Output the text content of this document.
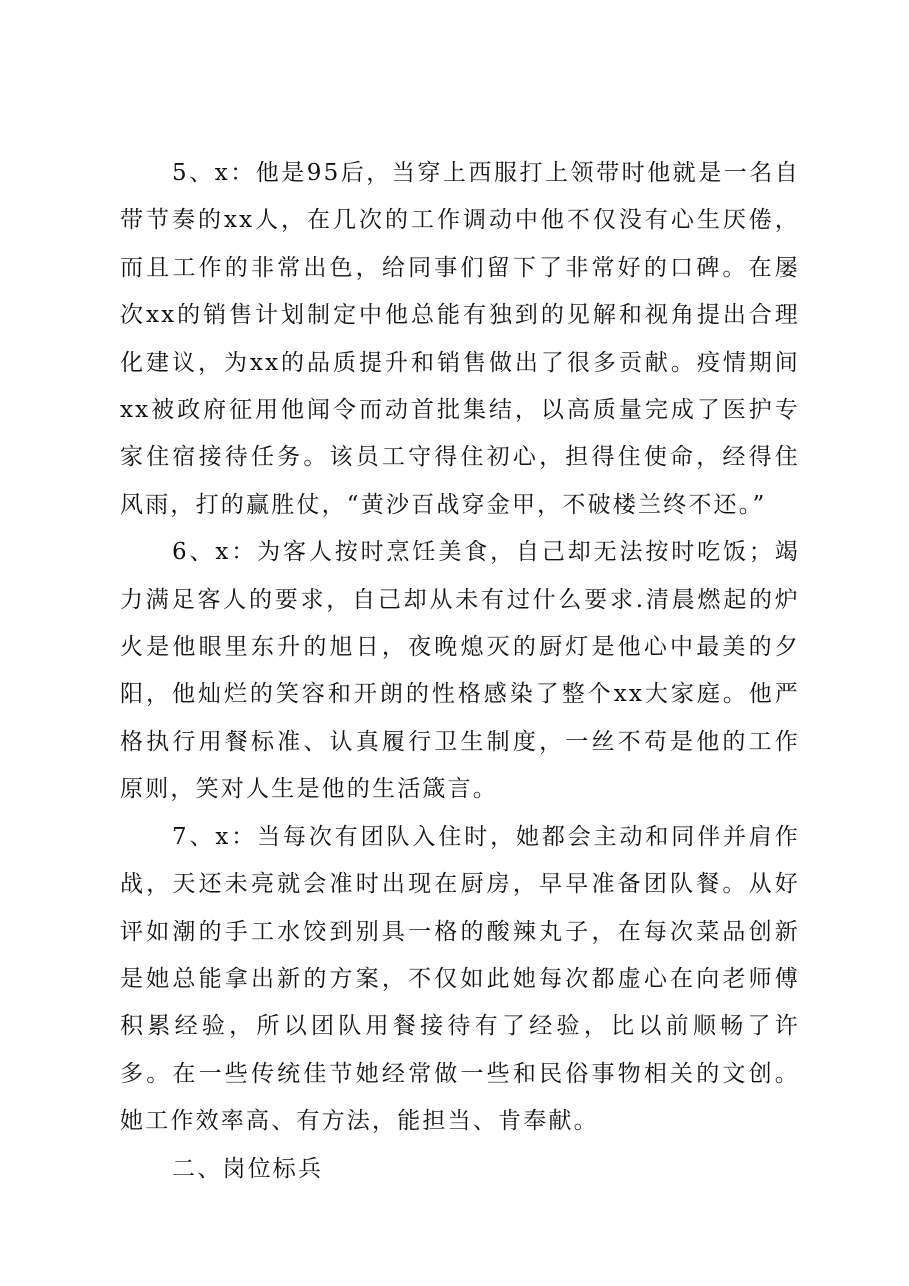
5、x：他是95后，当穿上西服打上领带时他就是一名自带节奏的xx人，在几次的工作调动中他不仅没有心生厌倦，而且工作的非常出色，给同事们留下了非常好的口碑。在屡次xx的销售计划制定中他总能有独到的见解和视角提出合理化建议，为xx的品质提升和销售做出了很多贡献。疫情期间xx被政府征用他闻令而动首批集结，以高质量完成了医护专家住宿接待任务。该员工守得住初心，担得住使命，经得住风雨，打的赢胜仗，“黄沙百战穿金甲，不破楼兰终不还。”

6、x：为客人按时烹饪美食，自己却无法按时吃饭；竭力满足客人的要求，自己却从未有过什么要求.清晨燃起的炉火是他眼里东升的旭日，夜晚熄灭的厨灯是他心中最美的夕阳，他灿烂的笑容和开朗的性格感染了整个xx大家庭。他严格执行用餐标准、认真履行卫生制度，一丝不苟是他的工作原则，笑对人生是他的生活箴言。

7、x：当每次有团队入住时，她都会主动和同伴并肩作战，天还未亮就会准时出现在厨房，早早准备团队餐。从好评如潮的手工水饺到别具一格的酸辣丸子，在每次菜品创新是她总能拿出新的方案，不仅如此她每次都虚心在向老师傅积累经验，所以团队用餐接待有了经验，比以前顺畅了许多。在一些传统佳节她经常做一些和民俗事物相关的文创。她工作效率高、有方法，能担当、肯奉献。

二、岗位标兵
